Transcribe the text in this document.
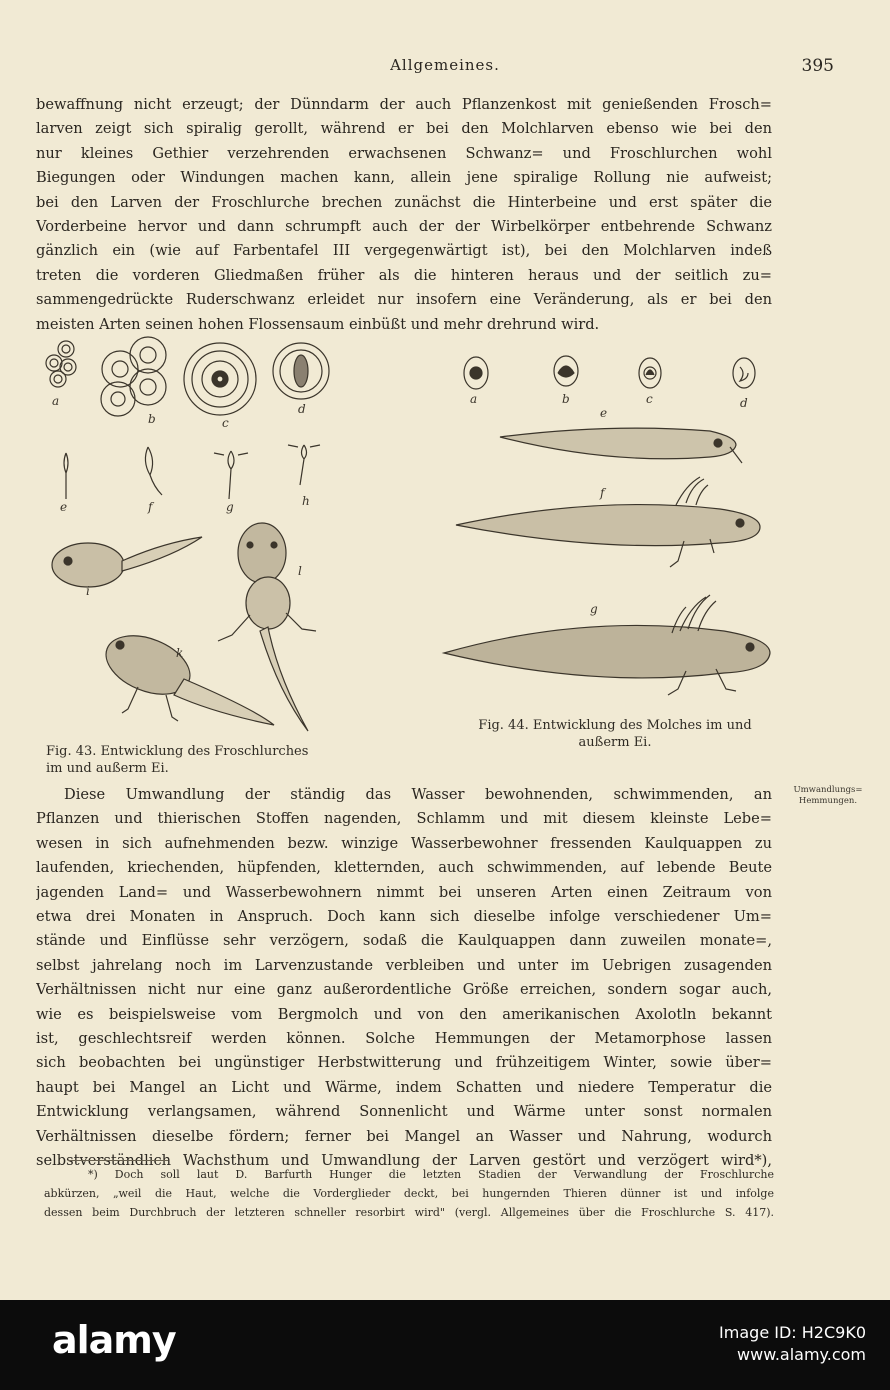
Allgemeines.	395

bewaffnung nicht erzeugt; der Dünndarm der auch Pflanzenkost mit genießenden Frosch=
larven zeigt sich spiralig gerollt, während er bei den Molchlarven ebenso wie bei den
nur kleines Gethier verzehrenden erwachsenen Schwanz= und Froschlurchen wohl
Biegungen oder Windungen machen kann, allein jene spiralige Rollung nie aufweist;
bei den Larven der Froschlurche brechen zunächst die Hinterbeine und erst später die
Vorderbeine hervor und dann schrumpft auch der der Wirbelkörper entbehrende Schwanz
gänzlich ein (wie auf Farbentafel III vergegenwärtigt ist), bei den Molchlarven indeß
treten die vorderen Gliedmaßen früher als die hinteren heraus und der seitlich zu=
sammengedrückte Ruderschwanz erleidet nur insofern eine Veränderung, als er bei den
meisten Arten seinen hohen Flossensaum einbüßt und mehr drehrund wird.

a
b	c
d
e	f	g	h
i
k
l
Fig. 43. Entwicklung des Froschlurches
im und außerm Ei.
a	b	c	d
e
f
g
Fig. 44. Entwicklung des Molches im und
außerm Ei.
Umwandlungs=
Hemmungen.

Diese Umwandlung der ständig das Wasser bewohnenden, schwimmenden, an
Pflanzen und thierischen Stoffen nagenden, Schlamm und mit diesem kleinste Lebe=
wesen in sich aufnehmenden bezw. winzige Wasserbewohner fressenden Kaulquappen zu
laufenden, kriechenden, hüpfenden, kletternden, auch schwimmenden, auf lebende Beute
jagenden Land= und Wasserbewohnern nimmt bei unseren Arten einen Zeitraum von
etwa drei Monaten in Anspruch. Doch kann sich dieselbe infolge verschiedener Um=
stände und Einflüsse sehr verzögern, sodaß die Kaulquappen dann zuweilen monate=,
selbst jahrelang noch im Larvenzustande verbleiben und unter im Uebrigen zusagenden
Verhältnissen nicht nur eine ganz außerordentliche Größe erreichen, sondern sogar auch,
wie es beispielsweise vom Bergmolch und von den amerikanischen Axolotln bekannt
ist, geschlechtsreif werden können. Solche Hemmungen der Metamorphose lassen
sich beobachten bei ungünstiger Herbstwitterung und frühzeitigem Winter, sowie über=
haupt bei Mangel an Licht und Wärme, indem Schatten und niedere Temperatur die
Entwicklung verlangsamen, während Sonnenlicht und Wärme unter sonst normalen
Verhältnissen dieselbe fördern; ferner bei Mangel an Wasser und Nahrung, wodurch
selbstverständlich Wachsthum und Umwandlung der Larven gestört und verzögert wird*),

*) Doch soll laut D. Barfurth Hunger die letzten Stadien der Verwandlung der Froschlurche
abkürzen, „weil die Haut, welche die Vorderglieder deckt, bei hungernden Thieren dünner ist und infolge
dessen beim Durchbruch der letzteren schneller resorbirt wird" (vergl. Allgemeines über die Froschlurche S. 417).
alamy	Image ID: H2C9K0
www.alamy.com
